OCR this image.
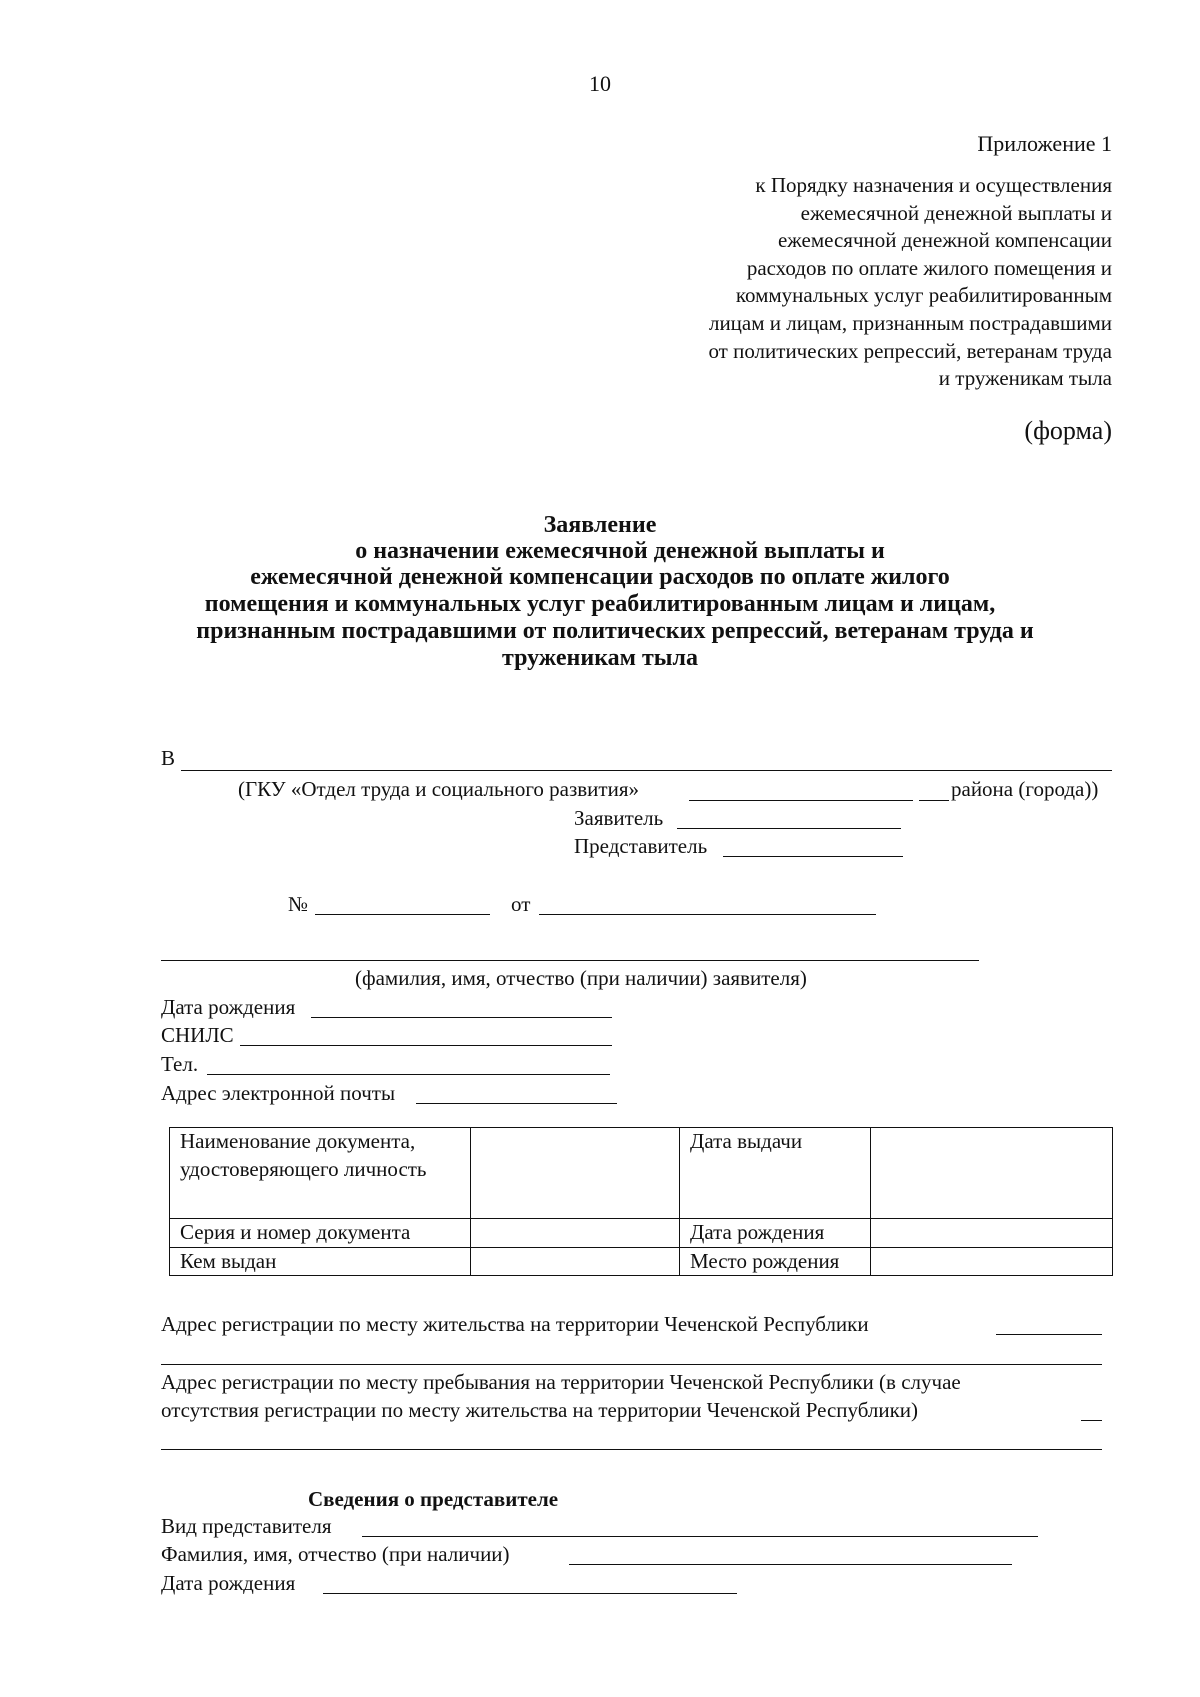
10
Приложение 1
к Порядку назначения и осуществления
ежемесячной денежной выплаты и
ежемесячной денежной компенсации
расходов по оплате жилого помещения и
коммунальных услуг реабилитированным
лицам и лицам, признанным пострадавшими
от политических репрессий, ветеранам труда
и труженикам тыла
(форма)
Заявление
о назначении ежемесячной денежной выплаты и
ежемесячной денежной компенсации расходов по оплате жилого
помещения и коммунальных услуг реабилитированным лицам и лицам,
признанным пострадавшими от политических репрессий, ветеранам труда и
труженикам тыла
В
(ГКУ «Отдел труда и социального развития»	района (города))
Заявитель
Представитель
№	от
(фамилия, имя, отчество (при наличии) заявителя)
Дата рождения
СНИЛС
Тел.
Адрес электронной почты
Наименование документа, удостоверяющего личность		Дата выдачи	
Серия и номер документа		Дата рождения	
Кем выдан		Место рождения	
Адрес регистрации по месту жительства на территории Чеченской Республики
Адрес регистрации по месту пребывания на территории Чеченской Республики (в случае
отсутствия регистрации по месту жительства на территории Чеченской Республики)
Сведения о представителе
Вид представителя
Фамилия, имя, отчество (при наличии)
Дата рождения
